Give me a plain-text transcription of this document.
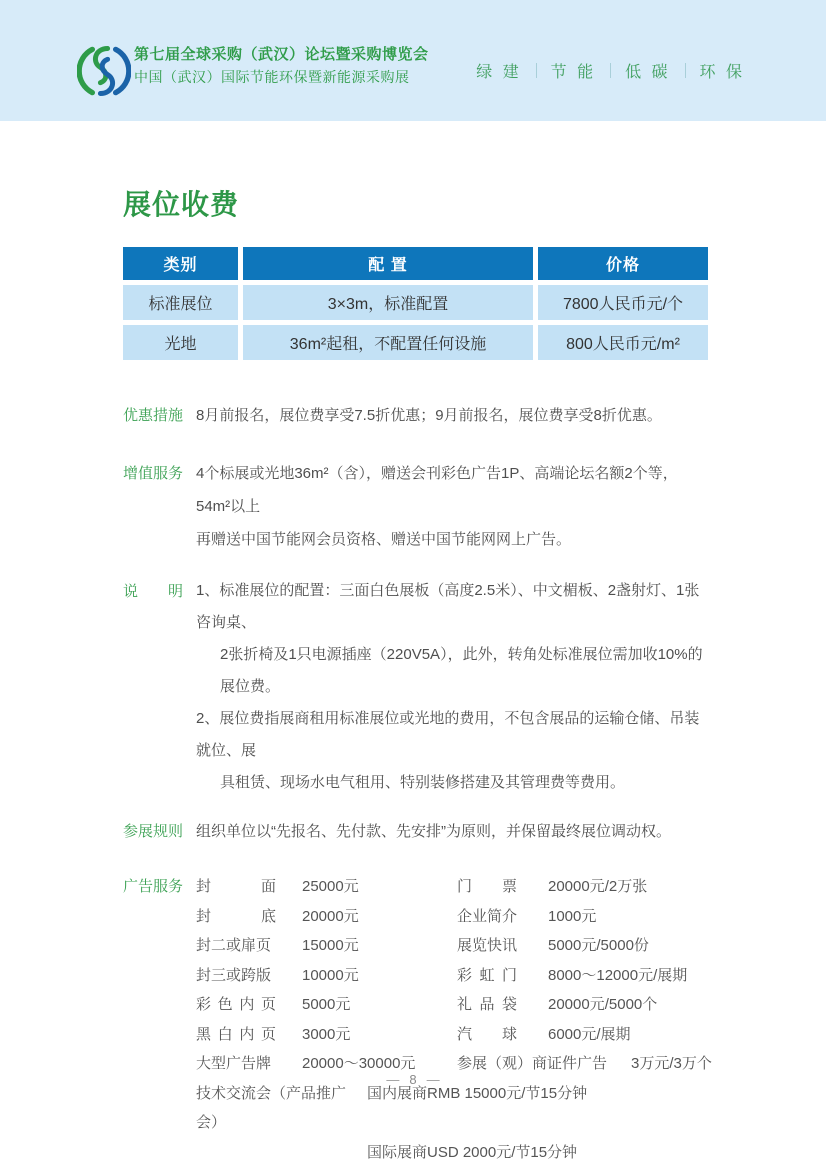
第七届全球采购（武汉）论坛暨采购博览会
中国（武汉）国际节能环保暨新能源采购展	绿 建 节 能 低 碳 环 保
展位收费
类别	配 置	价格
标准展位	3×3m，标准配置	7800人民币元/个
光地	36m²起租，不配置任何设施	800人民币元/m²
优惠措施 8月前报名，展位费享受7.5折优惠；9月前报名，展位费享受8折优惠。
增值服务 4个标展或光地36m²（含），赠送会刊彩色广告1P、高端论坛名额2个等，54m²以上
再赠送中国节能网会员资格、赠送中国节能网网上广告。
说明 1、标准展位的配置：三面白色展板（高度2.5米）、中文楣板、2盏射灯、1张咨询桌、
2张折椅及1只电源插座（220V5A），此外，转角处标准展位需加收10%的展位费。
2、展位费指展商租用标准展位或光地的费用，不包含展品的运输仓储、吊装就位、展
具租赁、现场水电气租用、特别装修搭建及其管理费等费用。
参展规则 组织单位以“先报名、先付款、先安排”为原则，并保留最终展位调动权。
广告服务 封面	25000元	门票	20000元/2万张
封底	20000元	企业简介	1000元
封二或扉页	15000元	展览快讯	5000元/5000份
封三或跨版	10000元	彩虹门	8000～12000元/展期
彩色内页	5000元	礼品袋	20000元/5000个
黑白内页	3000元	汽球	6000元/展期
大型广告牌	20000～30000元	参展（观）商证件广告 3万元/3万个
技术交流会（产品推广会）
国内展商RMB 15000元/节15分钟
国际展商USD 2000元/节15分钟
— 8 —
